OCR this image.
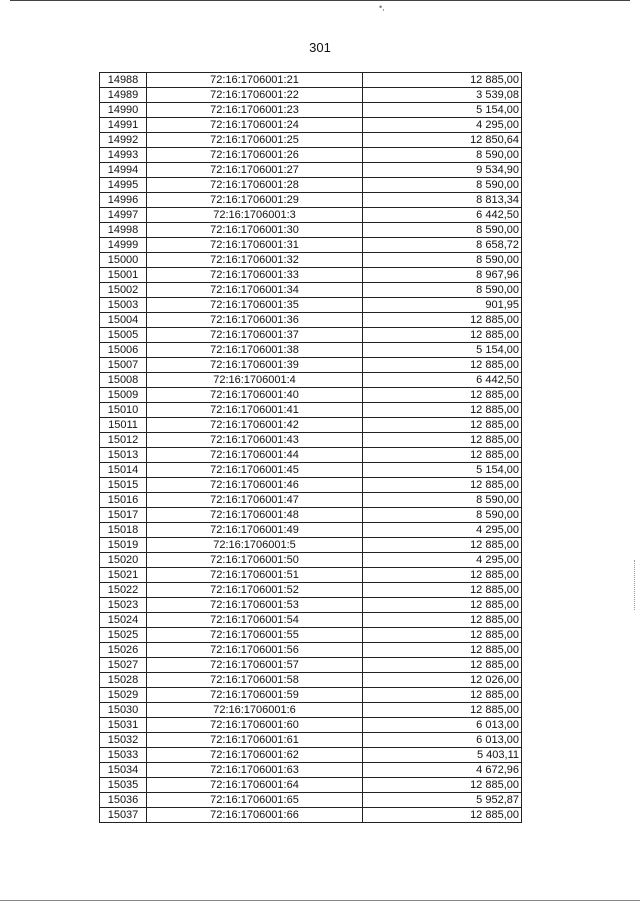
•,
301
14988	72:16:1706001:21	12 885,00
14989	72:16:1706001:22	3 539,08
14990	72:16:1706001:23	5 154,00
14991	72:16:1706001:24	4 295,00
14992	72:16:1706001:25	12 850,64
14993	72:16:1706001:26	8 590,00
14994	72:16:1706001:27	9 534,90
14995	72:16:1706001:28	8 590,00
14996	72:16:1706001:29	8 813,34
14997	72:16:1706001:3	6 442,50
14998	72:16:1706001:30	8 590,00
14999	72:16:1706001:31	8 658,72
15000	72:16:1706001:32	8 590,00
15001	72:16:1706001:33	8 967,96
15002	72:16:1706001:34	8 590,00
15003	72:16:1706001:35	901,95
15004	72:16:1706001:36	12 885,00
15005	72:16:1706001:37	12 885,00
15006	72:16:1706001:38	5 154,00
15007	72:16:1706001:39	12 885,00
15008	72:16:1706001:4	6 442,50
15009	72:16:1706001:40	12 885,00
15010	72:16:1706001:41	12 885,00
15011	72:16:1706001:42	12 885,00
15012	72:16:1706001:43	12 885,00
15013	72:16:1706001:44	12 885,00
15014	72:16:1706001:45	5 154,00
15015	72:16:1706001:46	12 885,00
15016	72:16:1706001:47	8 590,00
15017	72:16:1706001:48	8 590,00
15018	72:16:1706001:49	4 295,00
15019	72:16:1706001:5	12 885,00
15020	72:16:1706001:50	4 295,00
15021	72:16:1706001:51	12 885,00
15022	72:16:1706001:52	12 885,00
15023	72:16:1706001:53	12 885,00
15024	72:16:1706001:54	12 885,00
15025	72:16:1706001:55	12 885,00
15026	72:16:1706001:56	12 885,00
15027	72:16:1706001:57	12 885,00
15028	72:16:1706001:58	12 026,00
15029	72:16:1706001:59	12 885,00
15030	72:16:1706001:6	12 885,00
15031	72:16:1706001:60	6 013,00
15032	72:16:1706001:61	6 013,00
15033	72:16:1706001:62	5 403,11
15034	72:16:1706001:63	4 672,96
15035	72:16:1706001:64	12 885,00
15036	72:16:1706001:65	5 952,87
15037	72:16:1706001:66	12 885,00
